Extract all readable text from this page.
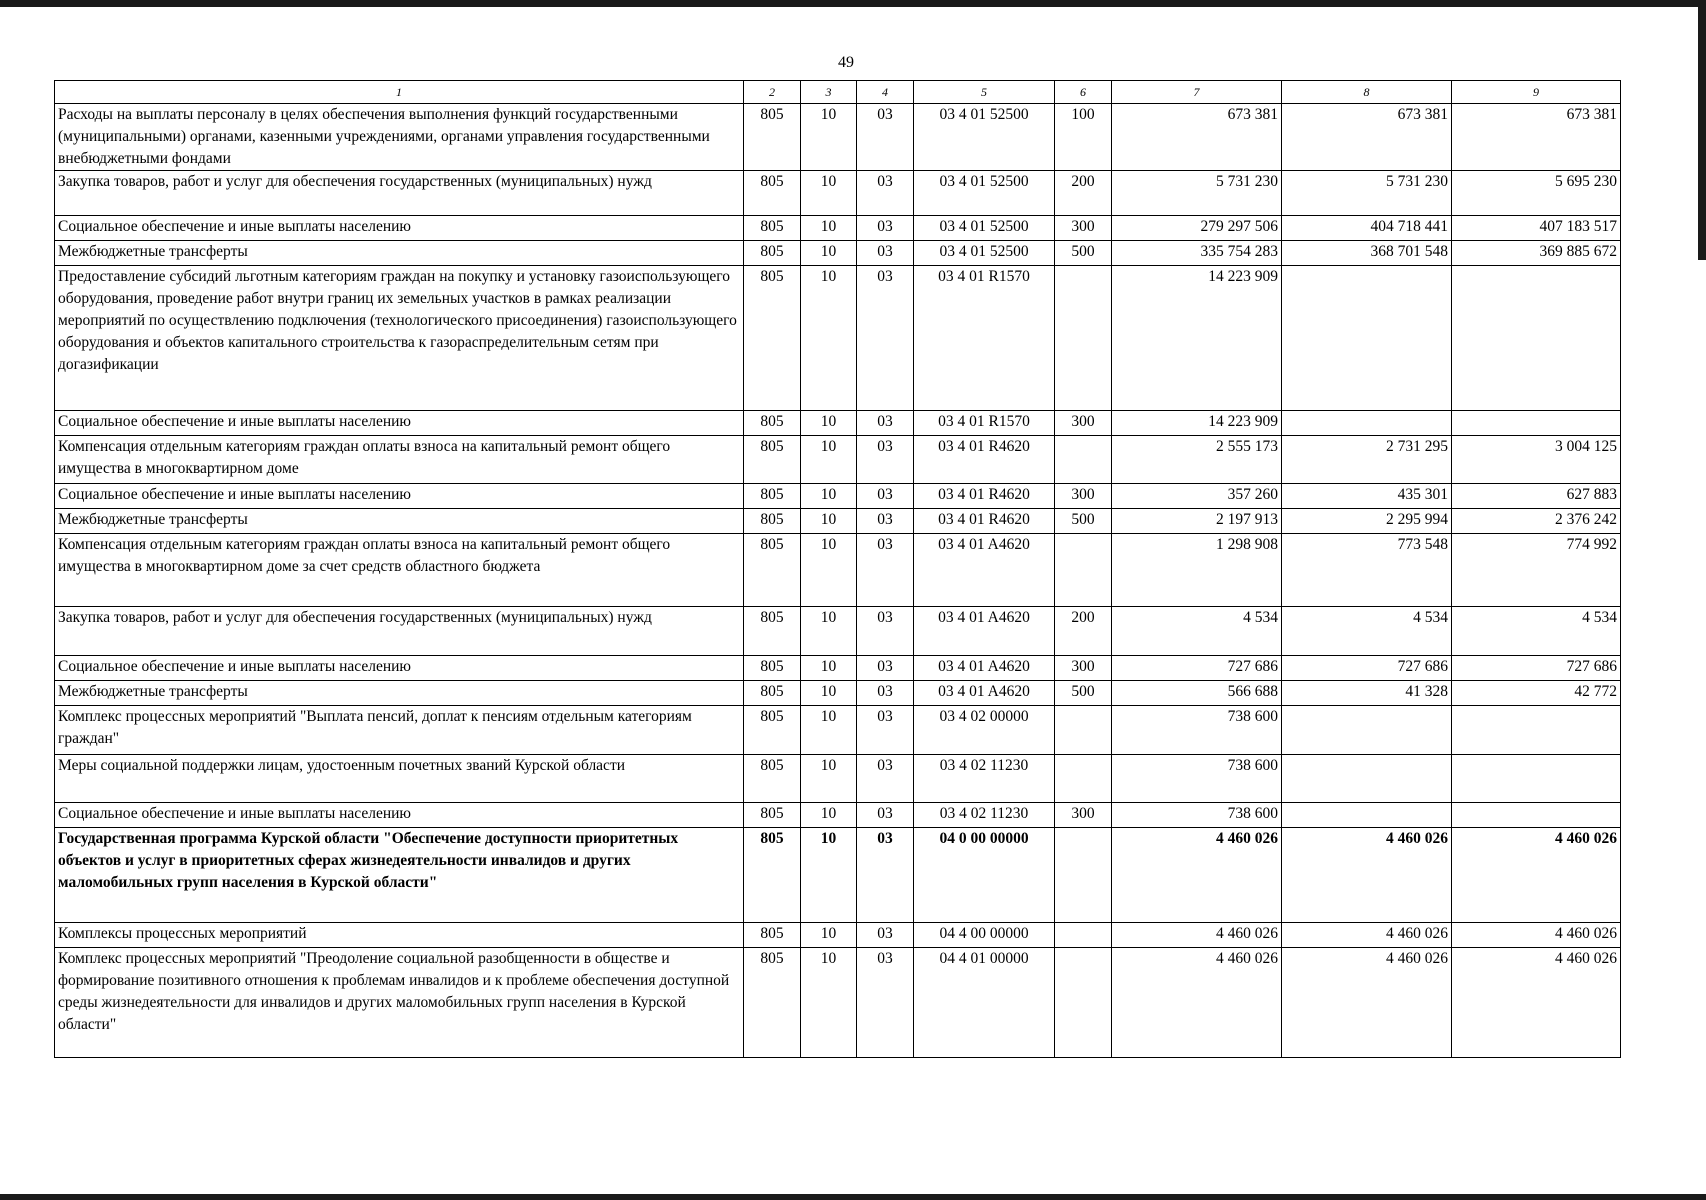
49
1	2	3	4	5	6	7	8	9
Расходы на выплаты персоналу в целях обеспечения выполнения функций государственными (муниципальными) органами, казенными учреждениями, органами управления государственными внебюджетными фондами	805	10	03	03 4 01 52500	100	673 381	673 381	673 381
Закупка товаров, работ и услуг для обеспечения государственных (муниципальных) нужд	805	10	03	03 4 01 52500	200	5 731 230	5 731 230	5 695 230
Социальное обеспечение и иные выплаты населению	805	10	03	03 4 01 52500	300	279 297 506	404 718 441	407 183 517
Межбюджетные трансферты	805	10	03	03 4 01 52500	500	335 754 283	368 701 548	369 885 672
Предоставление субсидий льготным категориям граждан на покупку и установку газоиспользующего оборудования, проведение работ внутри границ их земельных участков в рамках реализации мероприятий по осуществлению подключения (технологического присоединения) газоиспользующего оборудования и объектов капитального строительства к газораспределительным сетям при догазификации	805	10	03	03 4 01 R1570		14 223 909		
Социальное обеспечение и иные выплаты населению	805	10	03	03 4 01 R1570	300	14 223 909		
Компенсация отдельным категориям граждан оплаты взноса на капитальный ремонт общего имущества в многоквартирном доме	805	10	03	03 4 01 R4620		2 555 173	2 731 295	3 004 125
Социальное обеспечение и иные выплаты населению	805	10	03	03 4 01 R4620	300	357 260	435 301	627 883
Межбюджетные трансферты	805	10	03	03 4 01 R4620	500	2 197 913	2 295 994	2 376 242
Компенсация отдельным категориям граждан оплаты взноса на капитальный ремонт общего имущества в многоквартирном доме за счет средств областного бюджета	805	10	03	03 4 01 A4620		1 298 908	773 548	774 992
Закупка товаров, работ и услуг для обеспечения государственных (муниципальных) нужд	805	10	03	03 4 01 A4620	200	4 534	4 534	4 534
Социальное обеспечение и иные выплаты населению	805	10	03	03 4 01 A4620	300	727 686	727 686	727 686
Межбюджетные трансферты	805	10	03	03 4 01 A4620	500	566 688	41 328	42 772
Комплекс процессных мероприятий "Выплата пенсий, доплат к пенсиям отдельным категориям граждан"	805	10	03	03 4 02 00000		738 600		
Меры социальной поддержки лицам, удостоенным почетных званий Курской области	805	10	03	03 4 02 11230		738 600		
Социальное обеспечение и иные выплаты населению	805	10	03	03 4 02 11230	300	738 600		
Государственная программа Курской области "Обеспечение доступности приоритетных объектов и услуг в приоритетных сферах жизнедеятельности инвалидов и других маломобильных групп населения в Курской области"	805	10	03	04 0 00 00000		4 460 026	4 460 026	4 460 026
Комплексы процессных мероприятий	805	10	03	04 4 00 00000		4 460 026	4 460 026	4 460 026
Комплекс процессных мероприятий "Преодоление социальной разобщенности в обществе и формирование позитивного отношения к проблемам инвалидов и к проблеме обеспечения доступной среды жизнедеятельности для инвалидов и других маломобильных групп населения в Курской области"	805	10	03	04 4 01 00000		4 460 026	4 460 026	4 460 026
